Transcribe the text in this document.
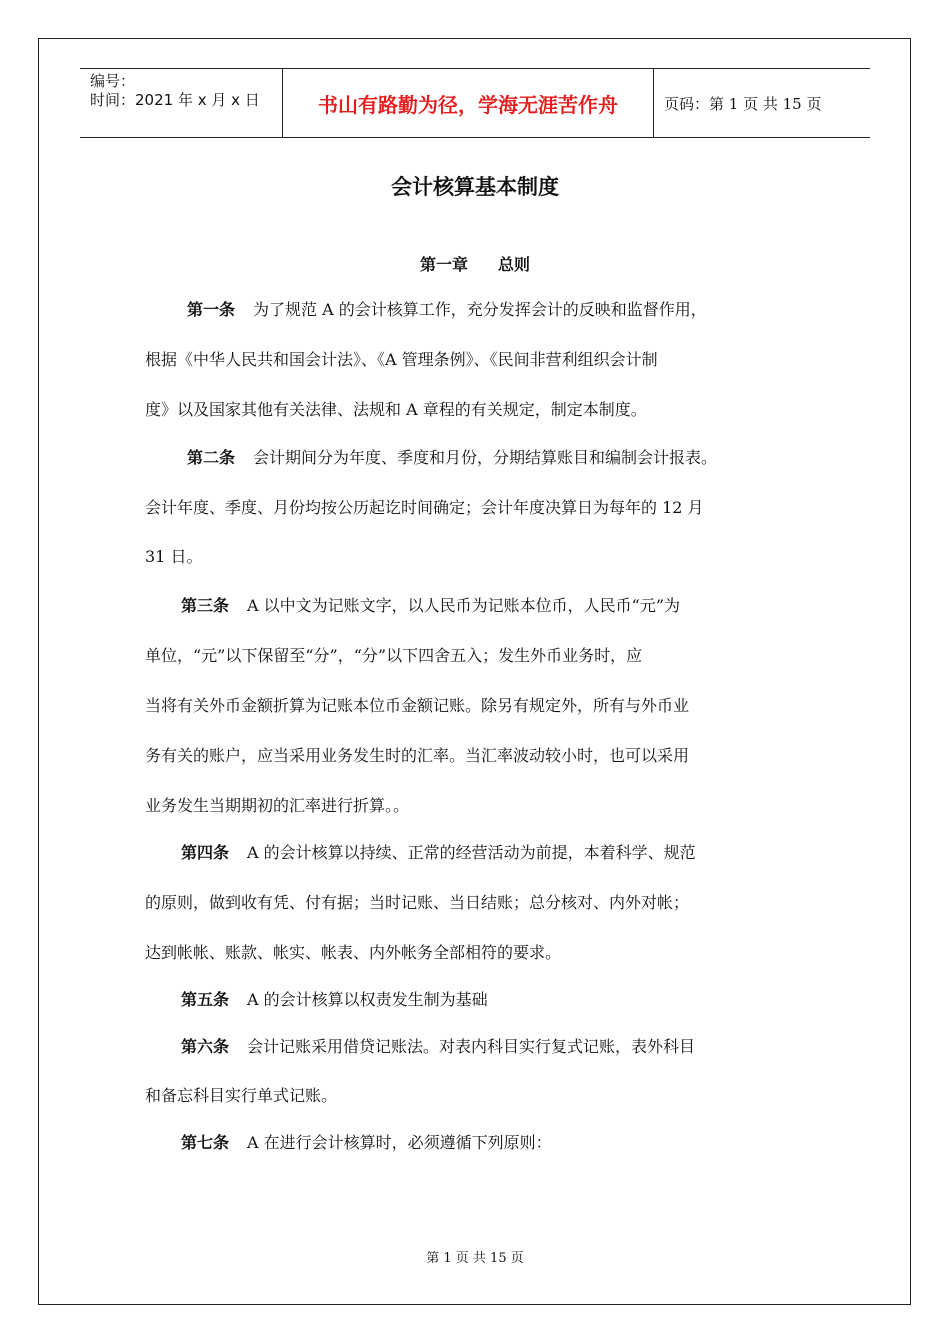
编号：
时间：2021 年 x 月 x 日	书山有路勤为径，学海无涯苦作舟	页码：第 1 页 共 15 页
会计核算基本制度
第一章 总则
第一条 为了规范 A 的会计核算工作，充分发挥会计的反映和监督作用，
根据《中华人民共和国会计法》、《A 管理条例》、《民间非营利组织会计制
度》以及国家其他有关法律、法规和 A 章程的有关规定，制定本制度。
第二条 会计期间分为年度、季度和月份，分期结算账目和编制会计报表。
会计年度、季度、月份均按公历起讫时间确定；会计年度决算日为每年的 12 月
31 日。
第三条 A 以中文为记账文字，以人民币为记账本位币，人民币“元”为
单位，“元”以下保留至“分”，“分”以下四舍五入；发生外币业务时，应
当将有关外币金额折算为记账本位币金额记账。除另有规定外，所有与外币业
务有关的账户，应当采用业务发生时的汇率。当汇率波动较小时，也可以采用
业务发生当期期初的汇率进行折算。。
第四条 A 的会计核算以持续、正常的经营活动为前提，本着科学、规范
的原则，做到收有凭、付有据；当时记账、当日结账；总分核对、内外对帐；
达到帐帐、账款、帐实、帐表、内外帐务全部相符的要求。
第五条 A 的会计核算以权责发生制为基础
第六条 会计记账采用借贷记账法。对表内科目实行复式记账，表外科目
和备忘科目实行单式记账。
第七条 A 在进行会计核算时，必须遵循下列原则：
第 1 页 共 15 页
